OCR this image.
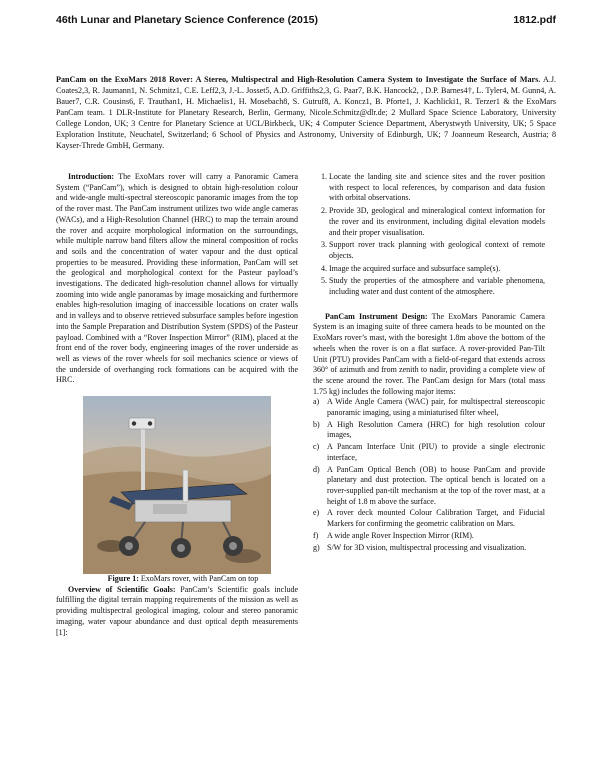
46th Lunar and Planetary Science Conference (2015)	1812.pdf
PanCam on the ExoMars 2018 Rover: A Stereo, Multispectral and High-Resolution Camera System to Investigate the Surface of Mars. A.J. Coates2,3, R. Jaumann1, N. Schmitz1, C.E. Leff2,3, J.-L. Josset5, A.D. Griffiths2,3, G. Paar7, B.K. Hancock2, , D.P. Barnes4†, L. Tyler4, M. Gunn4, A. Bauer7, C.R. Cousins6, F. Trauthan1, H. Michaelis1, H. Mosebach8, S. Gutruf8, A. Koncz1, B. Pforte1, J. Kachlicki1, R. Terzer1 & the ExoMars PanCam team. 1 DLR-Institute for Planetary Research, Berlin, Germany, Nicole.Schmitz@dlr.de; 2 Mullard Space Science Laboratory, University College London, UK; 3 Centre for Planetary Science at UCL/Birkbeck, UK; 4 Computer Science Department, Aberystwyth University, UK; 5 Space Exploration Institute, Neuchatel, Switzerland; 6 School of Physics and Astronomy, University of Edinburgh, UK; 7 Joanneum Research, Austria; 8 Kayser-Threde GmbH, Germany.

Introduction: The ExoMars rover will carry a Panoramic Camera System (“PanCam”), which is designed to obtain high-resolution colour and wide-angle multi-spectral stereoscopic panoramic images from the top of the rover mast. The PanCam instrument utilizes two wide angle cameras (WACs), and a High-Resolution Channel (HRC) to map the terrain around the rover and acquire morphological information on the surroundings, while multiple narrow band filters allow the mineral composition of rocks and soils and the concentration of water vapour and the dust optical properties to be measured. Providing these information, PanCam will set the geological and morphological context for the Pasteur payload’s investigations. The dedicated high-resolution channel allows for virtually zooming into wide angle panoramas by image mosaicking and furthermore enables high-resolution imaging of inaccessible locations on crater walls and in valleys and to observe retrieved subsurface samples before ingestion into the Sample Preparation and Distribution System (SPDS) of the Pasteur payload. Combined with a “Rover Inspection Mirror” (RIM), placed at the front end of the rover body, engineering images of the rover underside as well as views of the rover wheels for soil mechanics science or views of the underside of overhanging rock formations can be acquired with the HRC.

Figure 1: ExoMars rover, with PanCam on top

Overview of Scientific Goals: PanCam’s Scientific goals include fulfilling the digital terrain mapping requirements of the mission as well as providing multispectral geological imaging, colour and stereo panoramic imaging, water vapour abundance and dust optical depth measurements [1]:

1. Locate the landing site and science sites and the rover position with respect to local references, by comparison and data fusion with orbital observations.
2. Provide 3D, geological and mineralogical context information for the rover and its environment, including digital elevation models and their proper visualisation.
3. Support rover track planning with geological context of remote objects.
4. Image the acquired surface and subsurface sample(s).
5. Study the properties of the atmosphere and variable phenomena, including water and dust content of the atmosphere.

PanCam Instrument Design: The ExoMars Panoramic Camera System is an imaging suite of three camera heads to be mounted on the ExoMars rover’s mast, with the boresight 1.8m above the bottom of the wheels when the rover is on a flat surface. A rover-provided Pan-Tilt Unit (PTU) provides PanCam with a field-of-regard that extends across 360° of azimuth and from zenith to nadir, providing a complete view of the scene around the rover. The PanCam design for Mars (total mass 1.75 kg) includes the following major items:

a) A Wide Angle Camera (WAC) pair, for multispectral stereoscopic panoramic imaging, using a miniaturised filter wheel,
b) A High Resolution Camera (HRC) for high resolution colour images,
c) A Pancam Interface Unit (PIU) to provide a single electronic interface,
d) A PanCam Optical Bench (OB) to house PanCam and provide planetary and dust protection. The optical bench is located on a rover-supplied pan-tilt mechanism at the top of the rover mast, at a height of 1.8 m above the surface.
e) A rover deck mounted Colour Calibration Target, and Fiducial Markers for confirming the geometric calibration on Mars.
f) A wide angle Rover Inspection Mirror (RIM).
g) S/W for 3D vision, multispectral processing and visualization.
